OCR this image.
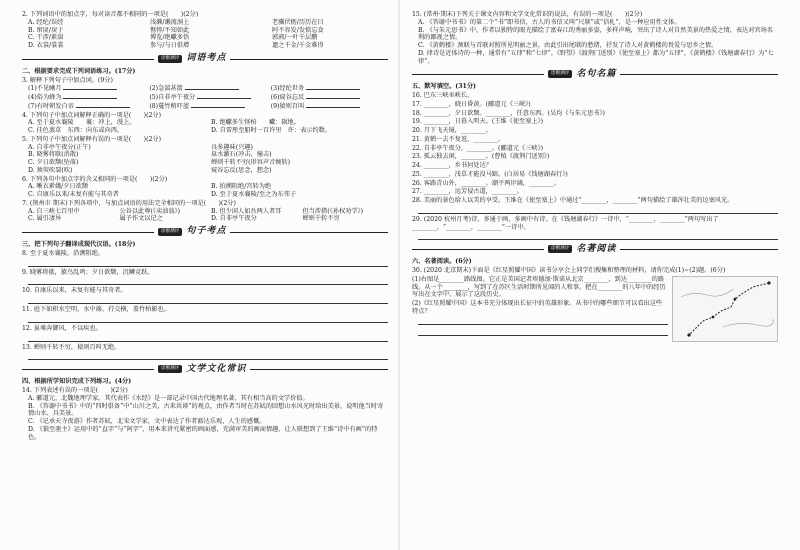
2. 下列词语中的加点字，每对读音都不相同的一项是(　　)(2分)

A. 经纶/误经	浅濑/濑流洞上	老骥伏枥/历历在目
B. 窜戾/戾于	憔悴/不知如此	阿不容发/发愤忘食
C. 干涉/素湍	博览/绝巘多悟	郭郭/一叶千层鹏
D. 衣裳/裳裳	参与/与日俱增	遗之千金/千金难得
诊断测评 词语考点

二、根据要求完成下列词语练习。(17分)

3. 解释下列句子中加点词。(9分)

(1)不见曦月	(2)急湍甚箭	(3)经纶世务
(4)俗为蜂为	(5)自非亭午夜分	(6)窥谷忘反
(7)有时朝发白帝	(8)蔓竹稍吓蓝	(9)猿则百叫

4. 下列句子中加点词解释正确的一项是(　　)(2分)

A. 至于夏水襄陵　　襄：冲上，漫上。	B. 绝巘多生怪柏　　巘：陨地。
C. 佳色蒸草　东西：向东或向西。	D. 自雷彤至船时一百许里　许：表示约数。

5. 下列句子中加点词解释有误的一项是(　　)(2分)

A. 自非亭午夜分(正午)	良多趣味(兴趣)
B. 晓雾将歇(消散)	泉水激石(冲击，撞击)
C. 夕日欲颓(坠落)	蝉则千转不穷(形容声音婉转)
D. 须臾吹裂(吹)	窥谷忘反(思念，想念)

6. 下列各句中加点字的含义相同的一项是(　　)(2分)

A. 晰衣素娥/夕日欲颓	B. 拍溯阻绝/宫转为绝
C. 自康乐以来/未复有能与其奇者	D. 至于夏水襄陵/至之为东邻子

7. (荆州市 期末)下列各项中，与加点词语的用法完全相同的一项是(　　)(2分)

A. 自三峡七百里中	公谷以此尊(《卖油翁》)	B. 但少闲人如吾两人者耳	但当涉猎(《孙权劝学》)
C. 属引凄异	属予作文以记之	D. 自非亭午夜分	蝉则千转不穷
诊断测评 句子考点

三、把下列句子翻译成现代汉语。(18分)

8. 至于夏水襄陵，沿溯阻绝。

9. 晓雾将歇，猿鸟乱鸣；夕日欲颓，沉鳞竞跃。

10. 自康乐以来，未复有能与其奇者。

11. 庭下如积水空明，水中藻、荇交横，盖竹柏影也。

12. 虽乘奔御风，不以疾也。

13. 蝉则千转不穷，猿则百叫无绝。

诊断测评 文学文化常识

四、根据所学知识完成下列练习。(4分)

14. 下列表述有误的一项是(　　)(2分)

A. 郦道元，北魏地理学家。其代表作《水经》是一部记录中国古代地理名著，其有相当高的文学价值。

B. 《答谢中书书》中的“四时俱备”中“山川之美，古来共谈”的观点，由作者当时在苏轼的回想山水风光时给出美景，说明他当时寄情山水、具美景。

C. 《记承天寺夜游》作者苏轼，北宋文学家，文中表达了作者豁达乐观、人生的感慨。

D. 《狼至驱主》运用中的“直字”与“阿字”，用本来讲究紧密的画面感，充满审美的画面情趣，让人联想到了王维“诗中有画”的特色。

15. (常州·期末)下列关于课文内容和文学文化常识的说法，有误的一项是(　　)(2分)

A. 《答谢中书书》的第二个“书”即书信，古人的书信又叫“尺牍”或“信札”，是一种应用性文体。

B. 《与朱元思书》中，作者以独特的眼光描绘了富春江的秀丽多姿，多样声响，突出了诗人对自然美景的热爱之情，表达对官场名利的鄙视之情。

C. 《黄鹤楼》颈联与首联对照所见明丽之景，由此引出尾联的愁绪，抒发了诗人对黄鹤楼的畏爱与思乡之情。

D. 律诗是近体诗的一种，通常有“五律”和“七律”。《野望》《渡荆门送别》《使至塞上》都为“五律”，《黄鹤楼》《钱塘湖春行》为“七律”。

诊断测评 名句名篇

五、默写填空。(31分)

16. 巴东三峡巫峡长，

17. ________，晓日昏黄。(郦道元《三峡》)

18. ________，夕日欲颓。________，任意东西。(吴均《与朱元思书》)

19. ________，日暮入明天。(王维《使至塞上》)

20. 月下飞天镜，________。

21. 黄鹤一去不复返，________。

22. 自非亭午夜分，________。(郦道元《三峡》)

23. 孤云独去闲，________。(曹植《渡荆门送别》)

24. ________，乡书何处达？

25. ________，浅草才能没马蹄。(白居易《钱塘湖春行》)

26. 客路青山外，________。潮平两岸阔，________。

27. ________，远芳侵古道，________。

28. 美丽的景色给人以美的享受。王维在《使至塞上》中通过“________，________”两句描绘了雄浑壮美的边塞风光。

29. (2020 杭州月考)诗，多通于画，多画中有诗。在《钱塘湖春行》一诗中，“________，________”两句写出了________，“________，________”一诗中。

诊断测评 名著阅读

六、名著阅读。(6分)

30. (2020 北京期末)下面是《红星照耀中国》读书分享会上同学们搜集和整理的材料，请你完成(1)~(2)题。(6分)

(1)右图是________路线图。它正是美国记者埃德加·斯诺从北京________，到达________的路线。从一个________，写到了在苏区生活时期所见闻的人和事，把在________的八年中的经历写出在文字中，展示了这段历史。

(2)《红星照耀中国》这本书充分体现出长征中的英雄形象。从书中的哪些细节可以看出这些特点？
